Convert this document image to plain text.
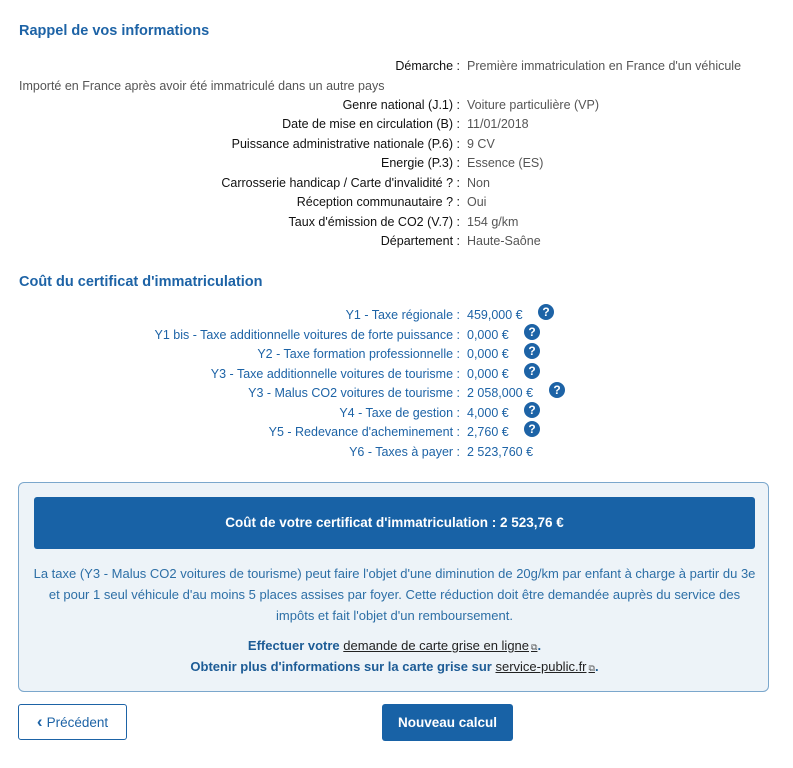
Rappel de vos informations
Démarche : Première immatriculation en France d'un véhicule
Importé en France après avoir été immatriculé dans un autre pays
Genre national (J.1) : Voiture particulière (VP)
Date de mise en circulation (B) : 11/01/2018
Puissance administrative nationale (P.6) : 9 CV
Energie (P.3) : Essence (ES)
Carrosserie handicap / Carte d'invalidité ? : Non
Réception communautaire ? : Oui
Taux d'émission de CO2 (V.7) : 154 g/km
Département : Haute-Saône
Coût du certificat d'immatriculation
Y1 - Taxe régionale : 459,000 €	?
Y1 bis - Taxe additionnelle voitures de forte puissance : 0,000 €	?
Y2 - Taxe formation professionnelle : 0,000 €	?
Y3 - Taxe additionnelle voitures de tourisme : 0,000 €	?
Y3 - Malus CO2 voitures de tourisme : 2 058,000 €	?
Y4 - Taxe de gestion : 4,000 €	?
Y5 - Redevance d'acheminement : 2,760 €	?
Y6 - Taxes à payer : 2 523,760 €
Coût de votre certificat d'immatriculation : 2 523,76 €
La taxe (Y3 - Malus CO2 voitures de tourisme) peut faire l'objet d'une diminution de 20g/km par enfant à charge à partir du 3e et pour 1 seul véhicule d'au moins 5 places assises par foyer. Cette réduction doit être demandée auprès du service des impôts et fait l'objet d'un remboursement.
Effectuer votre demande de carte grise en ligne ⧉.
Obtenir plus d'informations sur la carte grise sur service-public.fr ⧉.
‹ Précédent	Nouveau calcul
